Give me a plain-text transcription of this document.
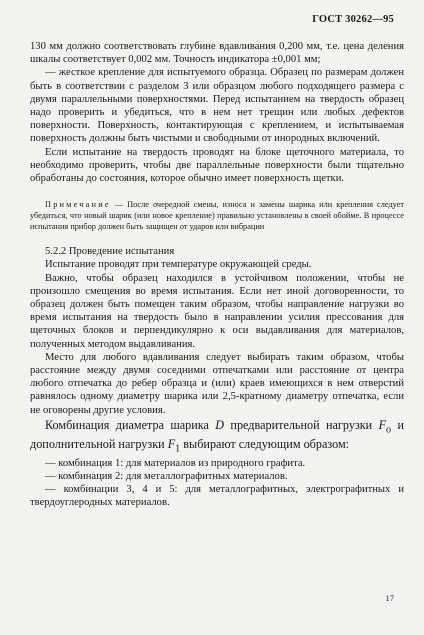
ГОСТ 30262—95

130 мм должно соответствовать глубине вдавливания 0,200 мм, т.е. цена деления шкалы соответствует 0,002 мм. Точность индикатора ±0,001 мм;

— жесткое крепление для испытуемого образца. Образец по размерам должен быть в соответствии с разделом 3 или образцом любого подходящего размера с двумя параллельными поверхностями. Перед испытанием на твердость образец надо проверить и убедиться, что в нем нет трещин или любых дефектов поверхности. Поверхность, контактирующая с креплением, и испытываемая поверхность должны быть чистыми и свободными от инородных включений.

Если испытание на твердость проводят на блоке щеточного материала, то необходимо проверить, чтобы две параллельные поверхности были тщательно обработаны до состояния, которое обычно имеет поверхность щетки.

Примечание — После очередной смены, износа и замены шарика или крепления следует убедиться, что новый шарик (или новое крепление) правильно установлены в своей обойме. В процессе испытания прибор должен быть защищен от ударов или вибрации

5.2.2 Проведение испытания

Испытание проводят при температуре окружающей среды.

Важно, чтобы образец находился в устойчивом положении, чтобы не произошло смещения во время испытания. Если нет иной договоренности, то образец должен быть помещен таким образом, чтобы направление нагрузки во время испытания на твердость было в направлении усилия прессования для щеточных блоков и перпендикулярно к оси выдавливания для материалов, полученных методом выдавливания.

Место для любого вдавливания следует выбирать таким образом, чтобы расстояние между двумя соседними отпечатками или расстояние от центра любого отпечатка до ребер образца и (или) краев имеющихся в нем отверстий равнялось одному диаметру шарика или 2,5-кратному диаметру отпечатка, если не оговорены другие условия.

Комбинация диаметра шарика D предварительной нагрузки $F_o$ и дополнительной нагрузки $F_1$ выбирают следующим образом:

— комбинация 1: для материалов из природного графита.

— комбинация 2: для металлографитных материалов.

— комбинации 3, 4 и 5: для металлографитных, электрографитных и твердоуглеродных материалов.

17
